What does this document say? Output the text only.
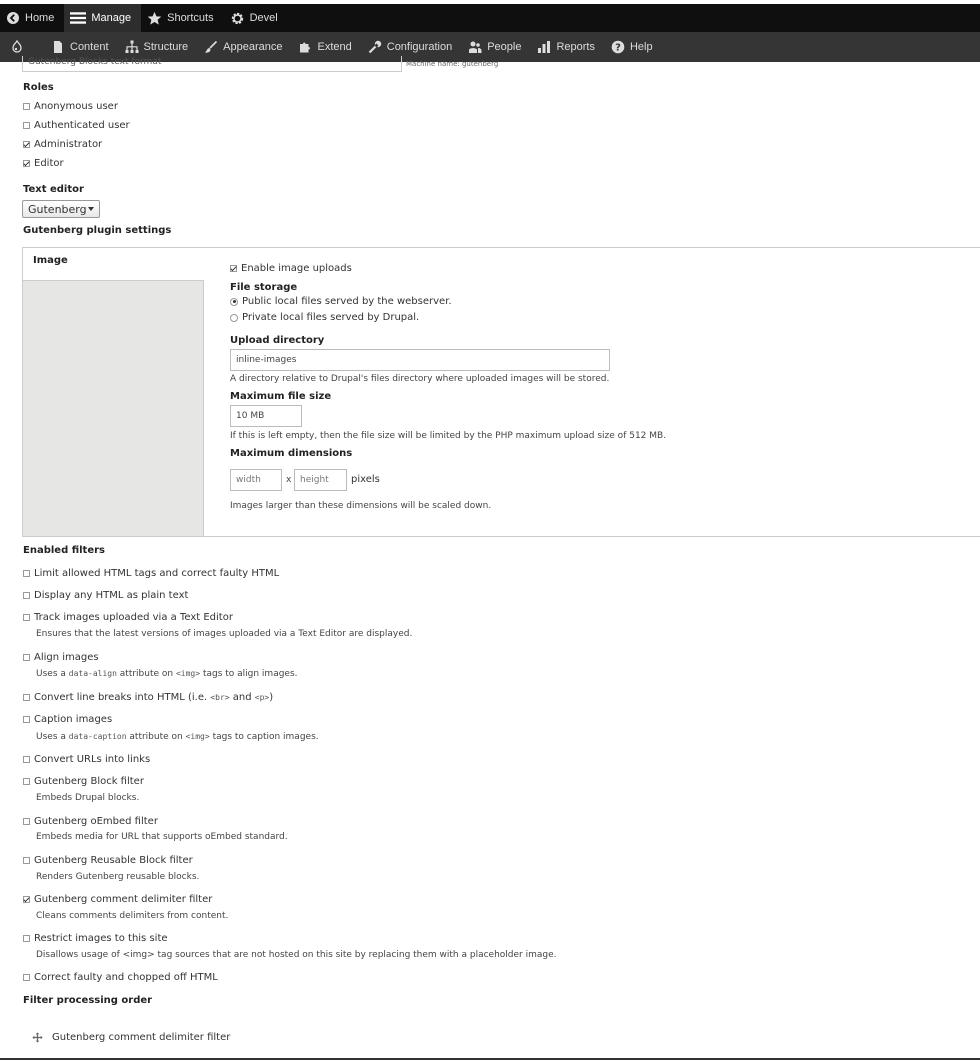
Home	Manage	Shortcuts	Devel
Content	Structure	Appearance	Extend	Configuration	People	Reports ? Help
Gutenberg Blocks text format	Machine name: gutenberg
Roles
Anonymous user
Authenticated user
Administrator
Editor
Text editor
Gutenberg
Gutenberg plugin settings
Image
Enable image uploads
File storage
Public local files served by the webserver.
Private local files served by Drupal.
Upload directory
inline-images
A directory relative to Drupal's files directory where uploaded images will be stored.
Maximum file size
10 MB
If this is left empty, then the file size will be limited by the PHP maximum upload size of 512 MB.
Maximum dimensions
width	x height	pixels
Images larger than these dimensions will be scaled down.
Enabled filters
Limit allowed HTML tags and correct faulty HTML
Display any HTML as plain text
Track images uploaded via a Text Editor
Ensures that the latest versions of images uploaded via a Text Editor are displayed.
Align images
Uses a data-align attribute on <img> tags to align images.
Convert line breaks into HTML (i.e. <br> and <p>)
Caption images
Uses a data-caption attribute on <img> tags to caption images.
Convert URLs into links
Gutenberg Block filter
Embeds Drupal blocks.
Gutenberg oEmbed filter
Embeds media for URL that supports oEmbed standard.
Gutenberg Reusable Block filter
Renders Gutenberg reusable blocks.
Gutenberg comment delimiter filter
Cleans comments delimiters from content.
Restrict images to this site
Disallows usage of <img> tag sources that are not hosted on this site by replacing them with a placeholder image.
Correct faulty and chopped off HTML
Filter processing order
Gutenberg comment delimiter filter
